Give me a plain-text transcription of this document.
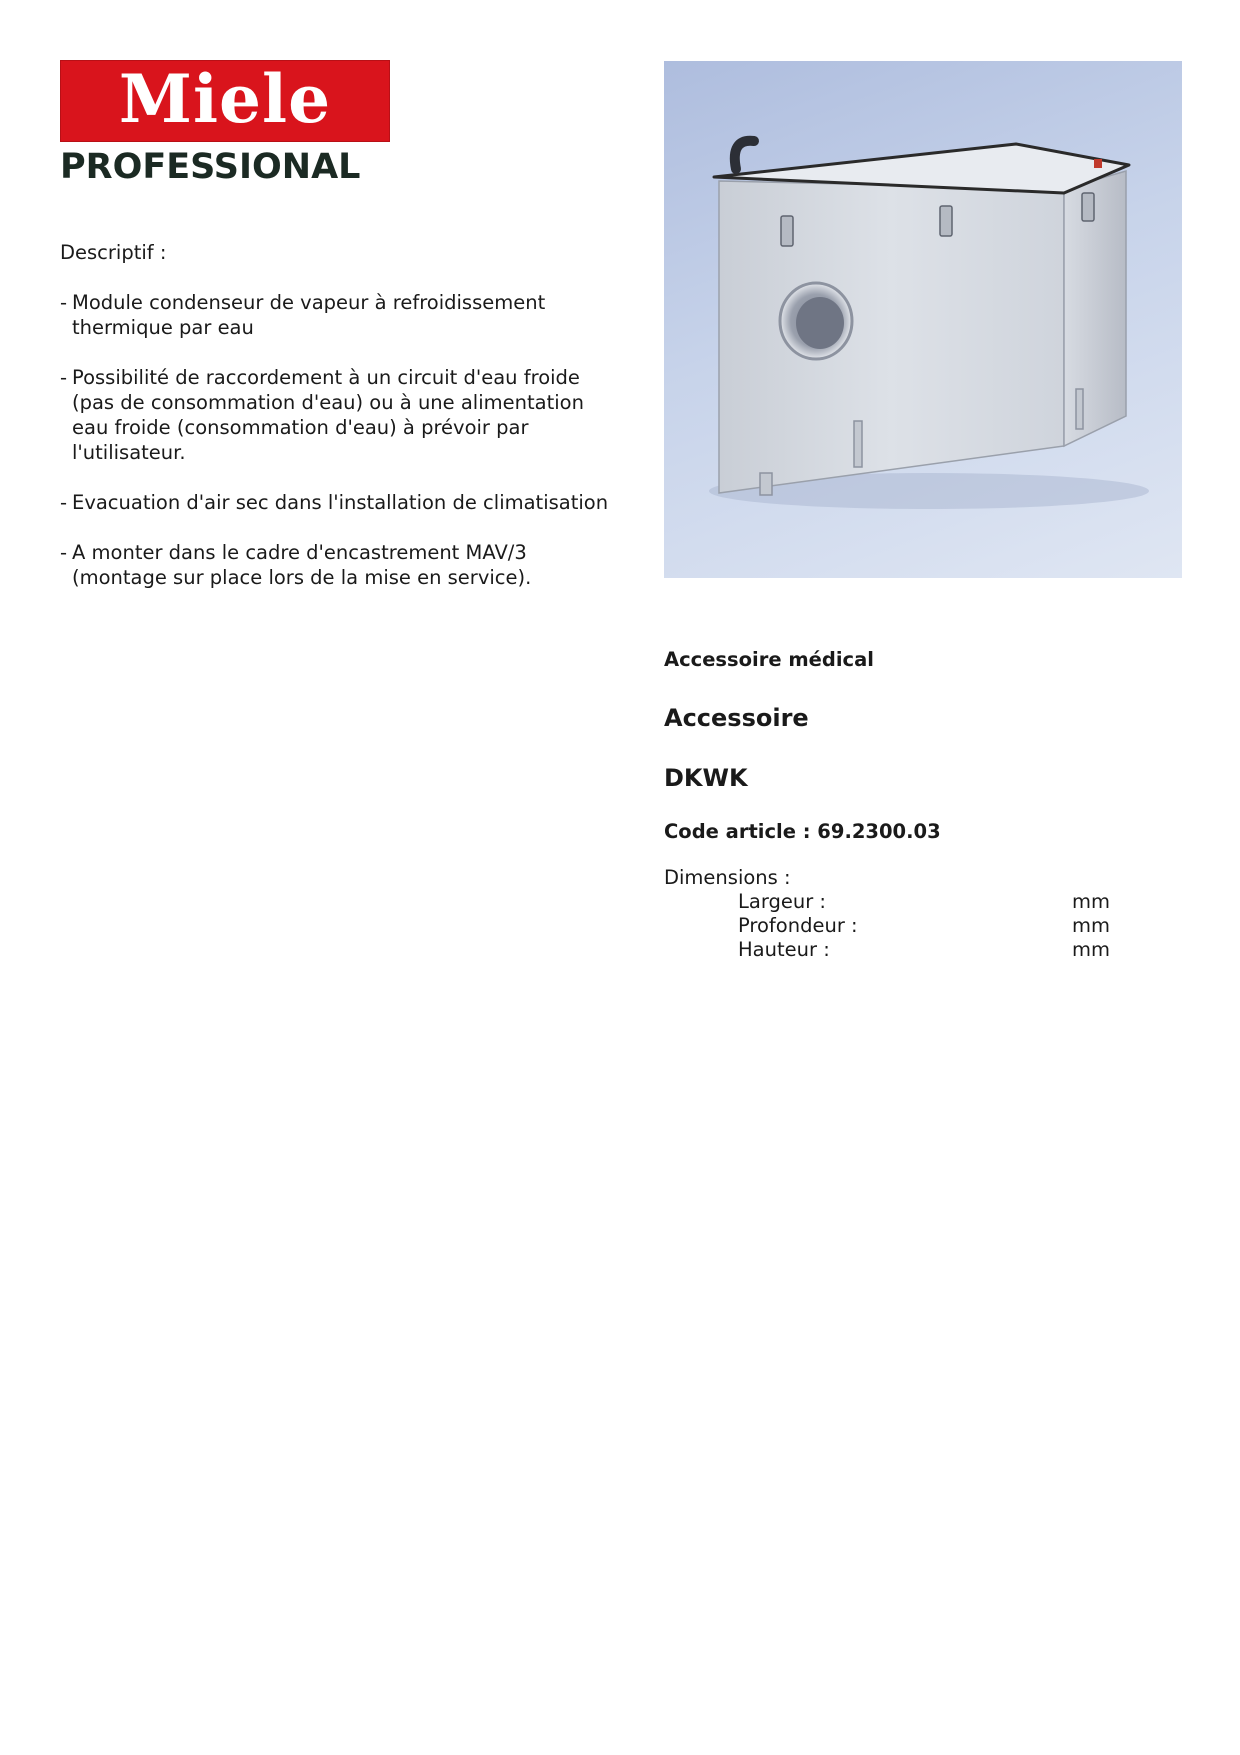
Miele
PROFESSIONAL
Descriptif :
- Module condenseur de vapeur à refroidissement thermique par eau
- Possibilité de raccordement à un circuit d'eau froide (pas de consommation d'eau) ou à une alimentation eau froide (consommation d'eau) à prévoir par l'utilisateur.
- Evacuation d'air sec dans l'installation de climatisation
- A monter dans le cadre d'encastrement MAV/3 (montage sur place lors de la mise en service).
Accessoire médical
Accessoire
DKWK
Code article : 69.2300.03
Dimensions :
Largeur :	mm
Profondeur :	mm
Hauteur :	mm
